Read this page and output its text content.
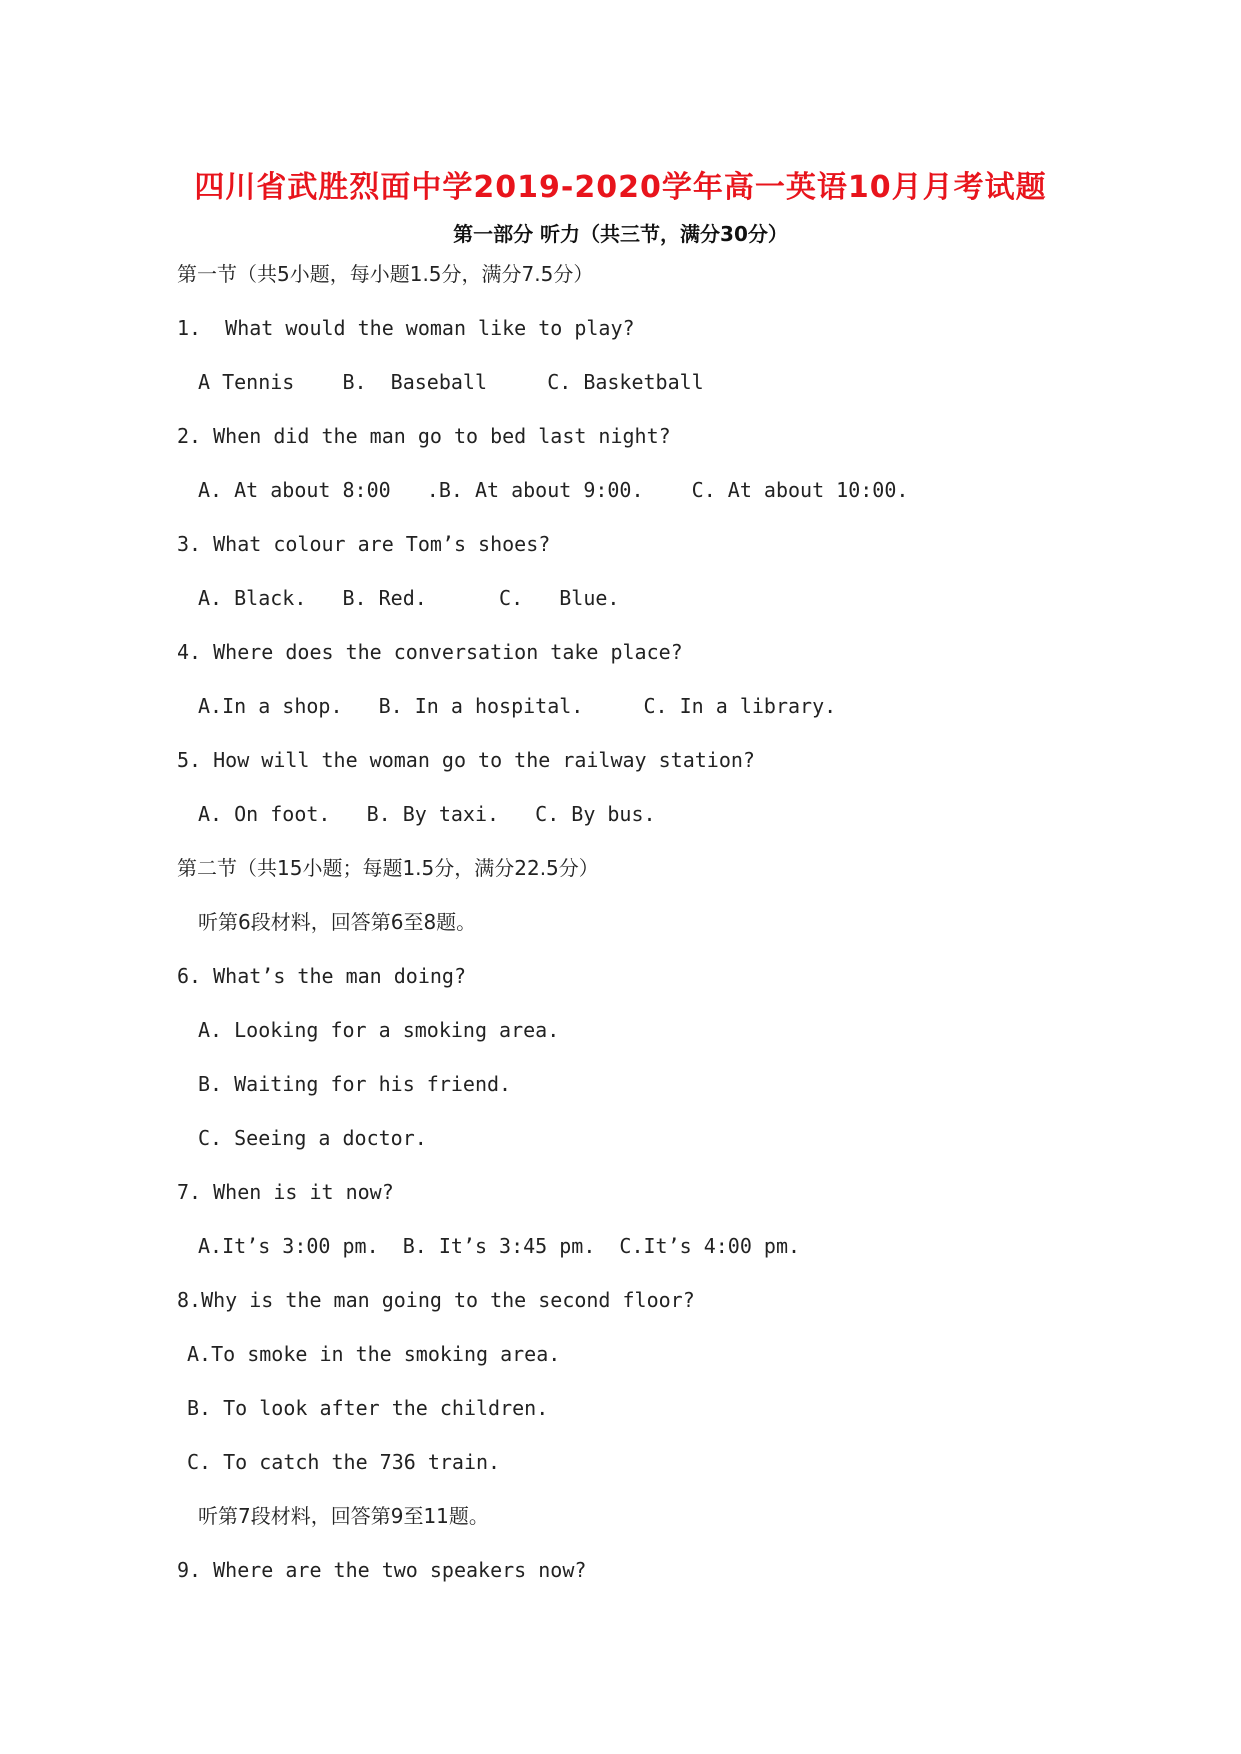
四川省武胜烈面中学2019-2020学年高一英语10月月考试题
第一部分 听力（共三节，满分30分）
第一节（共5小题，每小题1.5分，满分7.5分）
1.  What would the woman like to play?
A Tennis    B.  Baseball     C. Basketball
2. When did the man go to bed last night?
A. At about 8:00   .B. At about 9:00.    C. At about 10:00.
3. What colour are Tom’s shoes?
A. Black.   B. Red.      C.   Blue.
4. Where does the conversation take place?
A.In a shop.   B. In a hospital.     C. In a library.
5. How will the woman go to the railway station?
A. On foot.   B. By taxi.   C. By bus.
第二节（共15小题；每题1.5分，满分22.5分）
听第6段材料，回答第6至8题。
6. What’s the man doing?
A. Looking for a smoking area.
B. Waiting for his friend.
C. Seeing a doctor.
7. When is it now?
A.It’s 3:00 pm.  B. It’s 3:45 pm.  C.It’s 4:00 pm.
8.Why is the man going to the second floor?
A.To smoke in the smoking area.
B. To look after the children.
C. To catch the 736 train.
听第7段材料，回答第9至11题。
9. Where are the two speakers now?
